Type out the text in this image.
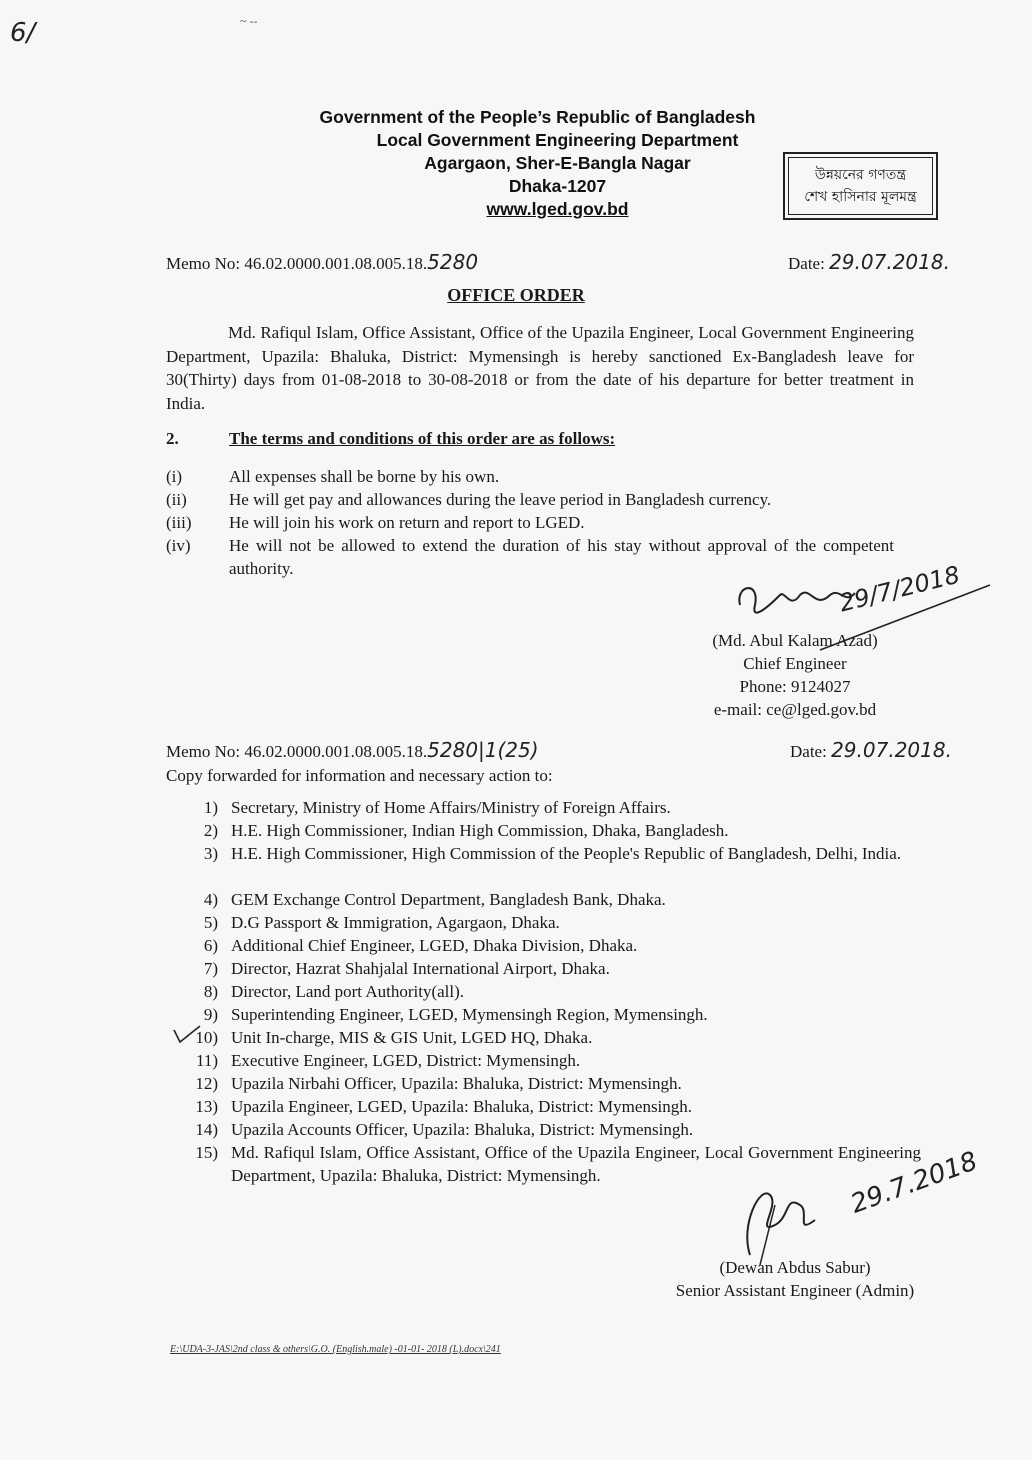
6/	~ --
Government of the People’s Republic of Bangladesh
Local Government Engineering Department
Agargaon, Sher-E-Bangla Nagar
Dhaka-1207
www.lged.gov.bd
উন্নয়নের গণতন্ত্র
শেখ হাসিনার মূলমন্ত্র
Memo No: 46.02.0000.001.08.005.18.5280	Date: 29.07.2018.
OFFICE ORDER
Md. Rafiqul Islam, Office Assistant, Office of the Upazila Engineer, Local Government Engineering Department, Upazila: Bhaluka, District: Mymensingh is hereby sanctioned Ex-Bangladesh leave for 30(Thirty) days from 01-08-2018 to 30-08-2018 or from the date of his departure for better treatment in India.
2.	The terms and conditions of this order are as follows:
(i)	All expenses shall be borne by his own.
(ii)	He will get pay and allowances during the leave period in Bangladesh currency.
(iii)	He will join his work on return and report to LGED.
(iv)	He will not be allowed to extend the duration of his stay without approval of the competent authority.	29/7/2018
(Md. Abul Kalam Azad)
Chief Engineer
Phone: 9124027
e-mail: ce@lged.gov.bd
Memo No: 46.02.0000.001.08.005.18.5280|1(25)	Date: 29.07.2018.
Copy forwarded for information and necessary action to:
1) Secretary, Ministry of Home Affairs/Ministry of Foreign Affairs.
2) H.E. High Commissioner, Indian High Commission, Dhaka, Bangladesh.
3) H.E. High Commissioner, High Commission of the People's Republic of Bangladesh, Delhi, India.
4) GEM Exchange Control Department, Bangladesh Bank, Dhaka.
5) D.G Passport & Immigration, Agargaon, Dhaka.
6) Additional Chief Engineer, LGED, Dhaka Division, Dhaka.
7) Director, Hazrat Shahjalal International Airport, Dhaka.
8) Director, Land port Authority(all).
9) Superintending Engineer, LGED, Mymensingh Region, Mymensingh.
10) Unit In-charge, MIS & GIS Unit, LGED HQ, Dhaka.
11) Executive Engineer, LGED, District: Mymensingh.
12) Upazila Nirbahi Officer, Upazila: Bhaluka, District: Mymensingh.
13) Upazila Engineer, LGED, Upazila: Bhaluka, District: Mymensingh.
14) Upazila Accounts Officer, Upazila: Bhaluka, District: Mymensingh.
15) Md. Rafiqul Islam, Office Assistant, Office of the Upazila Engineer, Local Government Engineering Department, Upazila: Bhaluka, District: Mymensingh.	29.7.2018
(Dewan Abdus Sabur)
Senior Assistant Engineer (Admin)
E:\UDA-3-JAS\2nd class & others\G.O. (English.male) -01-01- 2018 (L).docx\241
